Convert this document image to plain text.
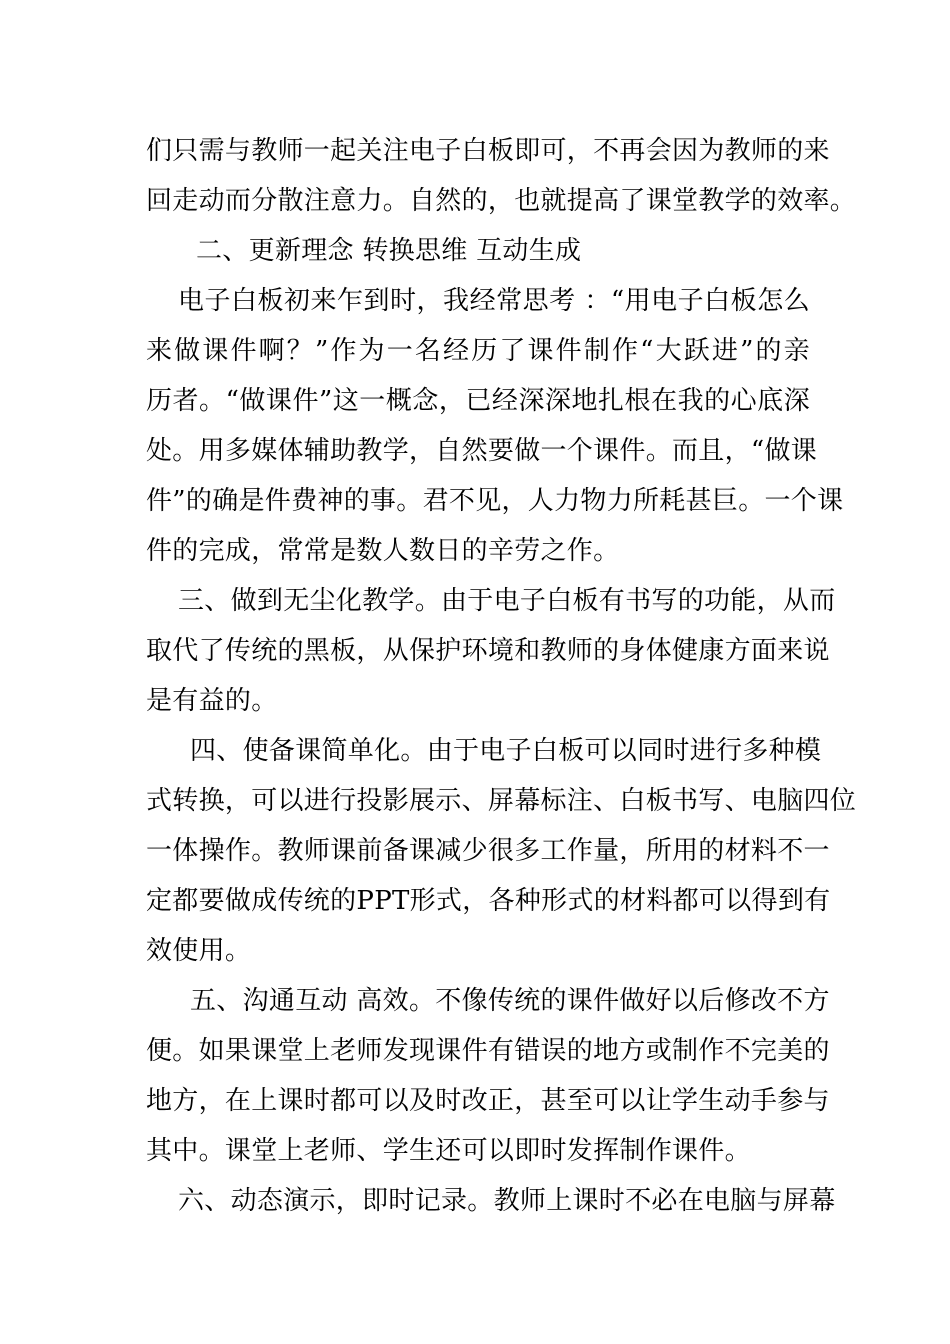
们只需与教师一起关注电子白板即可，不再会因为教师的来
回走动而分散注意力。自然的，也就提高了课堂教学的效率。
二、更新理念 转换思维 互动生成
电子白板初来乍到时，我经常思考 ：“用电子白板怎么
来做课件啊？”作为一名经历了课件制作“大跃进”的亲
历者。“做课件”这一概念，已经深深地扎根在我的心底深
处。用多媒体辅助教学，自然要做一个课件。而且，“做课
件”的确是件费神的事。君不见，人力物力所耗甚巨。一个课
件的完成，常常是数人数日的辛劳之作。
三、做到无尘化教学。由于电子白板有书写的功能，从而
取代了传统的黑板，从保护环境和教师的身体健康方面来说
是有益的。
四、使备课简单化。由于电子白板可以同时进行多种模
式转换，可以进行投影展示、屏幕标注、白板书写、电脑四位
一体操作。教师课前备课减少很多工作量，所用的材料不一
定都要做成传统的PPT形式，各种形式的材料都可以得到有
效使用。
五、沟通互动 高效。不像传统的课件做好以后修改不方
便。如果课堂上老师发现课件有错误的地方或制作不完美的
地方，在上课时都可以及时改正，甚至可以让学生动手参与
其中。课堂上老师、学生还可以即时发挥制作课件。
六、动态演示，即时记录。教师上课时不必在电脑与屏幕
